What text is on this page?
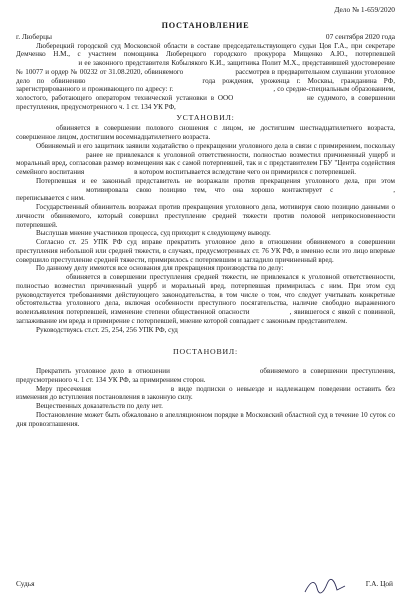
Дело № 1-659/2020
ПОСТАНОВЛЕНИЕ
г. Люберцы	07 сентября 2020 года

Люберецкий городской суд Московской области в составе председательствующего судьи Цоя Г.А., при секретаре Демченко Н.М., с участием помощника Люберецкого городского прокурора Мищенко А.Ю., потерпевшей и ее законного представителя Кобылякого К.И., защитника Полит М.Х., представившей удостоверение № 10077 и ордер № 00232 от 31.08.2020, обвиняемого	рассмотрев в предварительном слушании уголовное дело по обвинению	года рождения, уроженца г. Москвы, гражданина РФ, зарегистрированного и проживающего по адресу: г.	, со средне-специальным образованием, холостого, работающего оператором технической установки в ООО	не судимого, в совершении преступления, предусмотренного ч. 1 ст. 134 УК РФ,

УСТАНОВИЛ:

обвиняется в совершении полового сношения с лицом, не достигшим шестнадцатилетнего возраста, совершенное лицом, достигшим восемнадцатилетнего возраста.

Обвиняемый и его защитник заявили ходатайство о прекращении уголовного дела в связи с примирением, посколькуранее не привлекался к уголовной ответственности, полностью возместил причиненный ущерб и моральный вред, согласовав размер возмещения как с самой потерпевшей, так и с представителем ГБУ "Центра содействия семейного воспитания	в котором воспитывается вследствие чего он примирился с потерпевшей.

Потерпевшая и ее законный представитель не возражали против прекращения уголовного дела, при этоммотивировала свою позицию тем, что она хорошо контактирует с	, переписывается с ним.

Государственный обвинитель возражал против прекращения уголовного дела, мотивируя свою позицию данными о личности обвиняемого, который совершил преступление средней тяжести против половой неприкосновенности потерпевшей.

Выслушав мнение участников процесса, суд приходит к следующему выводу.

Согласно ст. 25 УПК РФ суд вправе прекратить уголовное дело в отношении обвиняемого в совершении преступления небольшой или средней тяжести, в случаях, предусмотренных ст. 76 УК РФ, в именно если это лицо впервые совершило преступление средней тяжести, примирилось с потерпевшим и загладило причиненный вред.

По данному делу имеются все основания для прекращения производства по делу:

обвиняется в совершении преступления средней тяжести, не привлекался к уголовной ответственности, полностью возместил причиненный ущерб и моральный вред, потерпевшая примирилась с ним. При этом суд руководствуется требованиями действующего законодательства, в том числе о том, что следует учитывать конкретные обстоятельства уголовного дела, включая особенности преступного посягательства, наличие свободно выраженного волеизъявления потерпевшей, изменение степени общественной опасности	, явившегося с явкой с повинной, заглаживание им вреда и примирение с потерпевшей, мнение которой совпадает с законным представителем.

Руководствуясь ст.ст. 25, 254, 256 УПК РФ, суд

ПОСТАНОВИЛ:

Прекратить уголовное дело в отношении	обвиняемого в совершении преступления, предусмотренного ч. 1 ст. 134 УК РФ, за примирением сторон.

Меру пресечения	в виде подписки о невыезде и надлежащем поведении оставить без изменения до вступления постановления в законную силу.

Вещественных доказательств по делу нет.

Постановление может быть обжаловано в апелляционном порядке в Московский областной суд в течение 10 суток со дня провозглашения.

Судья	Г.А. Цой
